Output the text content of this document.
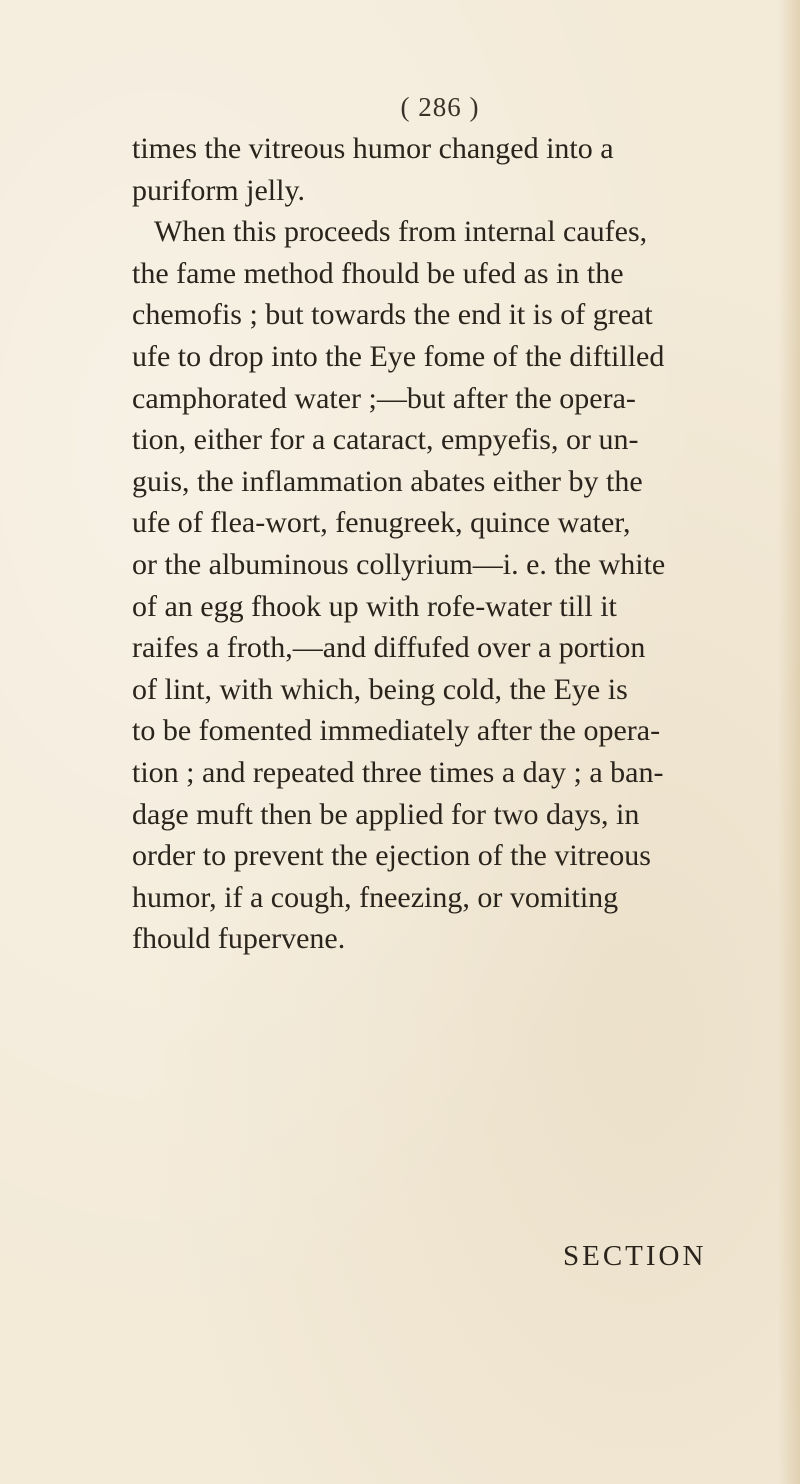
( 286 )
times the vitreous humor changed into a
puriform jelly.
When this proceeds from internal caufes,
the fame method fhould be ufed as in the
chemofis ; but towards the end it is of great
ufe to drop into the Eye fome of the diftilled
camphorated water ;—but after the opera-
tion, either for a cataract, empyefis, or un-
guis, the inflammation abates either by the
ufe of flea-wort, fenugreek, quince water,
or the albuminous collyrium—i. e. the white
of an egg fhook up with rofe-water till it
raifes a froth,—and diffufed over a portion
of lint, with which, being cold, the Eye is
to be fomented immediately after the opera-
tion ; and repeated three times a day ; a ban-
dage muft then be applied for two days, in
order to prevent the ejection of the vitreous
humor, if a cough, fneezing, or vomiting
fhould fupervene.
SECTION
